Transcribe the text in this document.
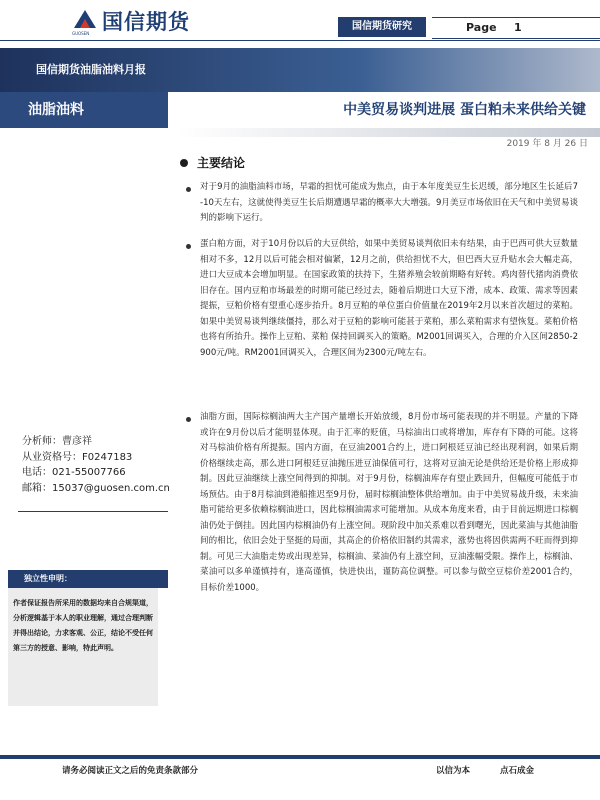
国信期货
GUOSEN
国信期货研究	Page 1
国信期货油脂油料月报
油脂油料	中美贸易谈判进展 蛋白粕未来供给关键
2019 年 8 月 26 日
分析师：曹彦祥
从业资格号：F0247183
电话：021-55007766
邮箱：15037@guosen.com.cn
独立性申明：

作者保证报告所采用的数据均来自合规渠道，分析逻辑基于本人的职业理解，通过合理判断并得出结论，力求客观、公正，结论不受任何第三方的授意、影响，特此声明。

主要结论

对于9月的油脂油料市场，早霜的担忧可能成为焦点，由于本年度美豆生长迟缓，部分地区生长延后7-10天左右，这就使得美豆生长后期遭遇早霜的概率大大增强。9月美豆市场依旧在天气和中美贸易谈判的影响下运行。

蛋白粕方面，对于10月份以后的大豆供给，如果中美贸易谈判依旧未有结果，由于巴西可供大豆数量相对不多，12月以后可能会相对偏紧，12月之前，供给担忧不大，但巴西大豆升贴水会大幅走高，进口大豆成本会增加明显。在国家政策的扶持下，生猪养殖会较前期略有好转。鸡肉替代猪肉消费依旧存在。国内豆粕市场最差的时期可能已经过去，随着后期进口大豆下滑，成本、政策、需求等因素提振，豆粕价格有望重心逐步抬升。8月豆粕的单位蛋白价值量在2019年2月以来首次超过的菜粕。如果中美贸易谈判继续僵持，那么对于豆粕的影响可能甚于菜粕，那么菜粕需求有望恢复。菜粕价格也将有所抬升。操作上豆粕、菜粕 保持回调买入的策略。M2001回调买入，合理的介入区间2850-2900元/吨。RM2001回调买入，合理区间为2300元/吨左右。

油脂方面，国际棕榈油两大主产国产量增长开始放缓，8月份市场可能表现的并不明显。产量的下降或许在9月份以后才能明显体现。由于汇率的贬值，马棕油出口或将增加，库存有下降的可能。这将对马棕油价格有所提振。国内方面，在豆油2001合约上，进口阿根廷豆油已经出现利润，如果后期价格继续走高，那么进口阿根廷豆油抛压进豆油保值可行，这将对豆油无论是供给还是价格上形成抑制。因此豆油继续上涨空间得到的抑制。对于9月份，棕榈油库存有望止跌回升，但幅度可能低于市场预估。由于8月棕油到港船推迟至9月份，届时棕榈油整体供给增加。由于中美贸易战升级，未来油脂可能给更多依赖棕榈油进口，因此棕榈油需求可能增加。从成本角度来看，由于目前远期进口棕榈油仍处于倒挂。因此国内棕榈油仍有上涨空间。现阶段中加关系难以看到曙光，因此菜油与其他油脂间的相比，依旧会处于坚挺的局面，其高企的价格依旧制约其需求，涨势也将因供需两不旺而得到抑制。可见三大油脂走势或出现差异，棕榈油、菜油仍有上涨空间，豆油涨幅受限。操作上，棕榈油、菜油可以多单谨慎持有，逢高谨慎，快进快出，谨防高位调整。可以参与做空豆棕价差2001合约，目标价差1000。

请务必阅读正文之后的免责条款部分	以信为本	点石成金
